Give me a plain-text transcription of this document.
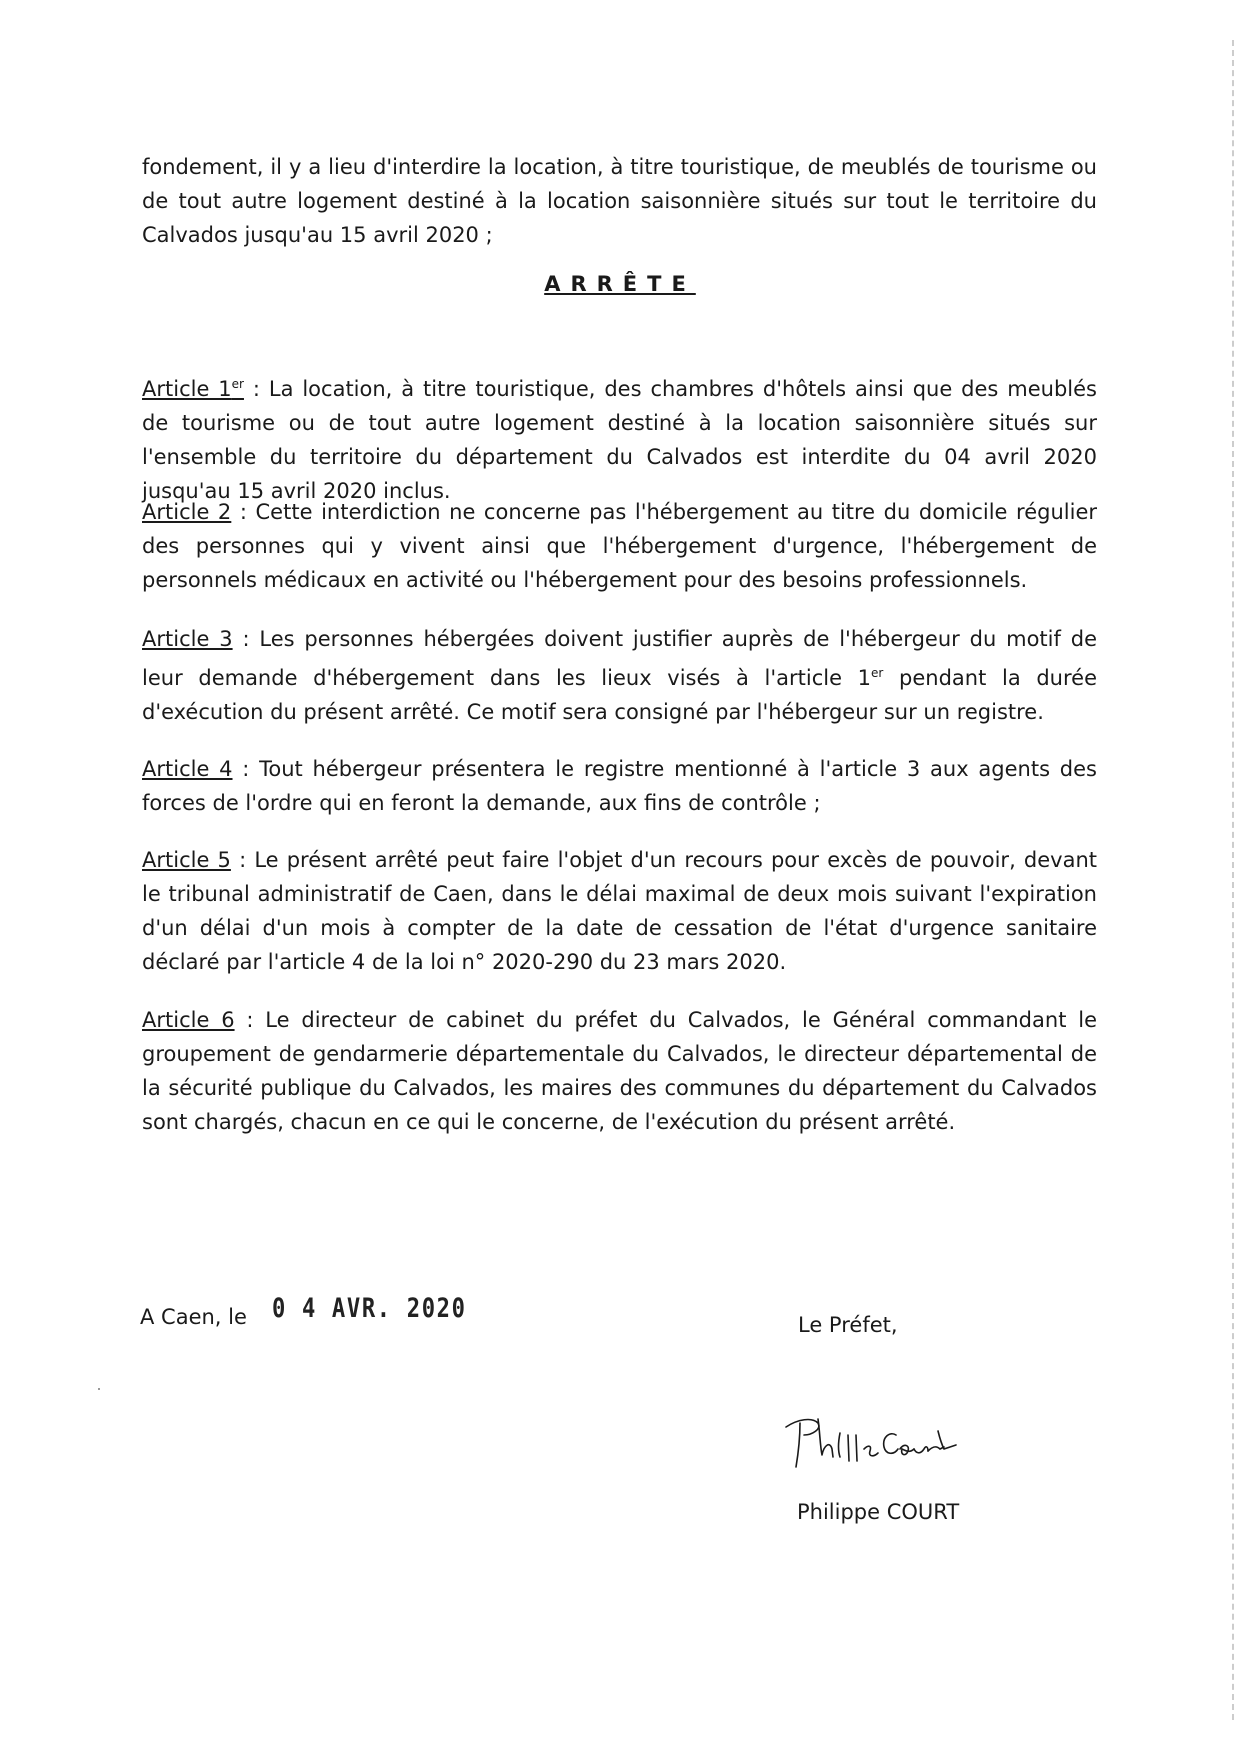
fondement, il y a lieu d'interdire la location, à titre touristique, de meublés de tourisme ou de tout autre logement destiné à la location saisonnière situés sur tout le territoire du Calvados jusqu'au 15 avril 2020 ;

ARRÊTE

Article 1er : La location, à titre touristique, des chambres d'hôtels ainsi que des meublés de tourisme ou de tout autre logement destiné à la location saisonnière situés sur l'ensemble du territoire du département du Calvados est interdite du 04 avril 2020 jusqu'au 15 avril 2020 inclus.

Article 2 : Cette interdiction ne concerne pas l'hébergement au titre du domicile régulier des personnes qui y vivent ainsi que l'hébergement d'urgence, l'hébergement de personnels médicaux en activité ou l'hébergement pour des besoins professionnels.

Article 3 : Les personnes hébergées doivent justifier auprès de l'hébergeur du motif de leur demande d'hébergement dans les lieux visés à l'article 1er pendant la durée d'exécution du présent arrêté. Ce motif sera consigné par l'hébergeur sur un registre.

Article 4 : Tout hébergeur présentera le registre mentionné à l'article 3 aux agents des forces de l'ordre qui en feront la demande, aux fins de contrôle ;

Article 5 : Le présent arrêté peut faire l'objet d'un recours pour excès de pouvoir, devant le tribunal administratif de Caen, dans le délai maximal de deux mois suivant l'expiration d'un délai d'un mois à compter de la date de cessation de l'état d'urgence sanitaire déclaré par l'article 4 de la loi n° 2020-290 du 23 mars 2020.

Article 6 : Le directeur de cabinet du préfet du Calvados, le Général commandant le groupement de gendarmerie départementale du Calvados, le directeur départemental de la sécurité publique du Calvados, les maires des communes du département du Calvados sont chargés, chacun en ce qui le concerne, de l'exécution du présent arrêté.

A Caen, le 0 4 AVR. 2020
Le Préfet,
Philippe COURT
